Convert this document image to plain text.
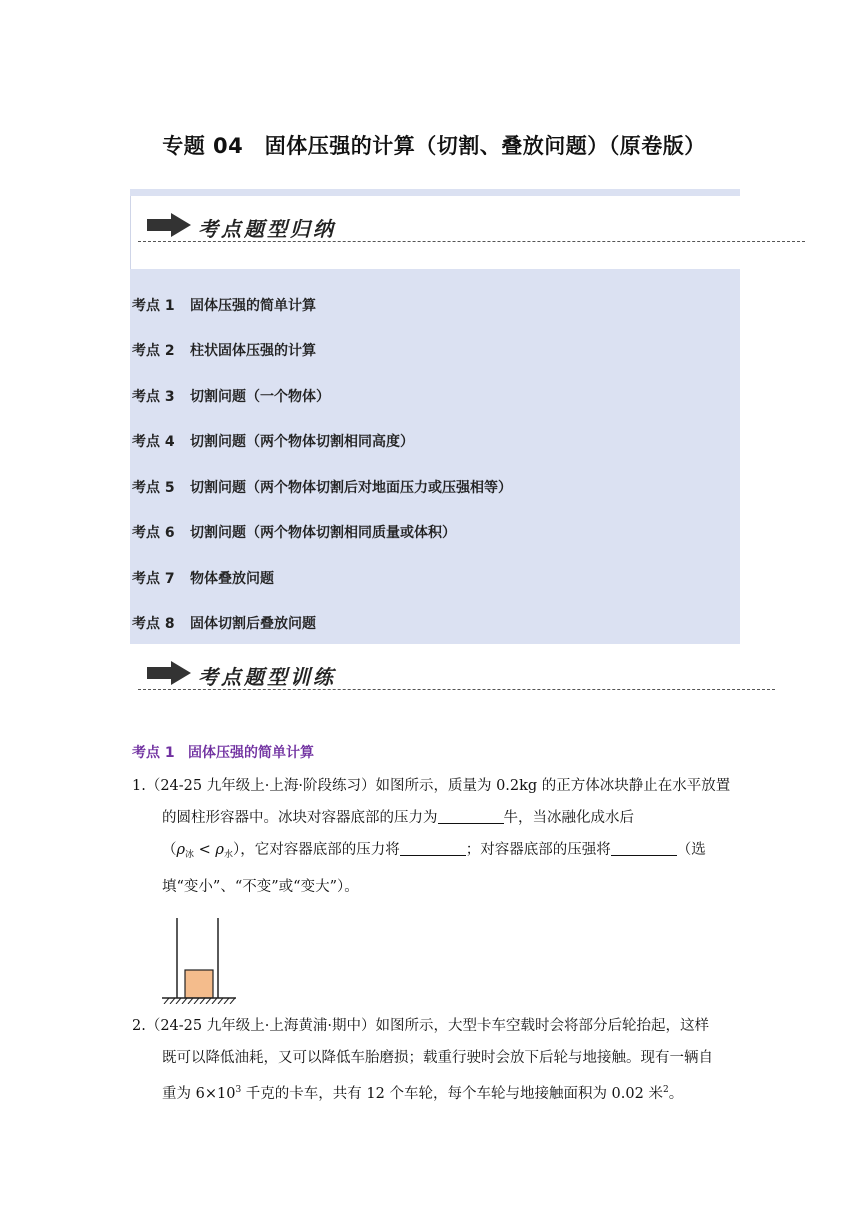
专题 04　固体压强的计算（切割、叠放问题）（原卷版）
考点题型归纳
考点 1 固体压强的简单计算
考点 2 柱状固体压强的计算
考点 3 切割问题（一个物体）
考点 4 切割问题（两个物体切割相同高度）
考点 5 切割问题（两个物体切割后对地面压力或压强相等）
考点 6 切割问题（两个物体切割相同质量或体积）
考点 7 物体叠放问题
考点 8 固体切割后叠放问题
考点题型训练
考点 1 固体压强的简单计算

1.（24-25 九年级上·上海·阶段练习）如图所示，质量为 0.2kg 的正方体冰块静止在水平放置

的圆柱形容器中。冰块对容器底部的压力为	牛，当冰融化成水后

$(\rho_冰 < \rho_水)$，它对容器底部的压力将	；对容器底部的压强将	（选

填“变小”、“不变”或“变大”）。

2.（24-25 九年级上·上海黄浦·期中）如图所示，大型卡车空载时会将部分后轮抬起，这样

既可以降低油耗，又可以降低车胎磨损；载重行驶时会放下后轮与地接触。现有一辆自

重为 $6\times 10^3$ 千克的卡车，共有 12 个车轮，每个车轮与地接触面积为 0.02 米$^2$。
